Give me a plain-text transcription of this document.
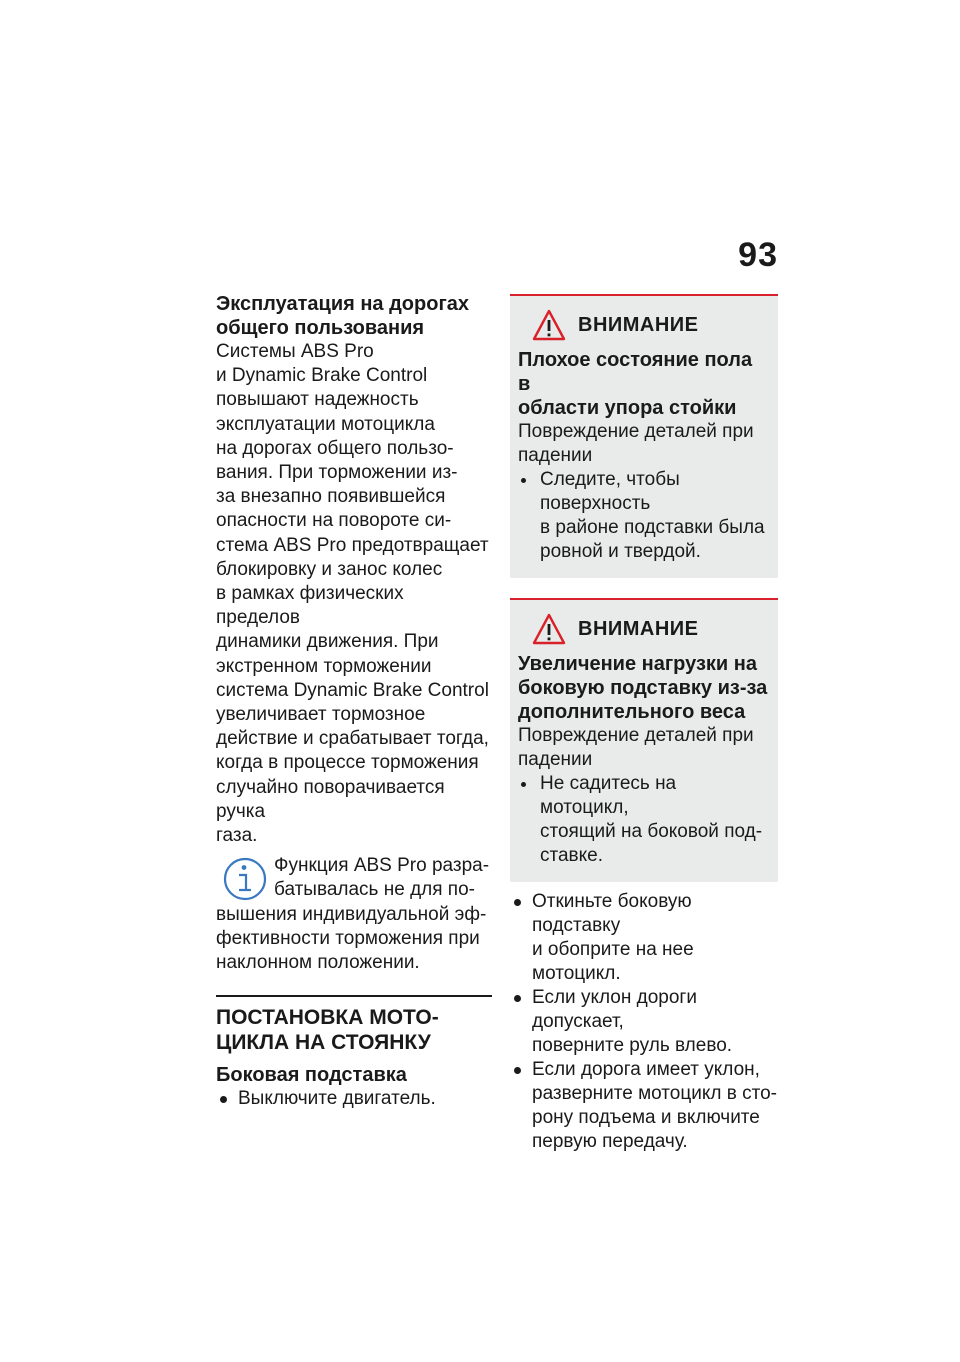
93
Эксплуатация на дорогах
общего пользования
Системы ABS Pro
и Dynamic Brake Control
повышают надежность
эксплуатации мотоцикла
на дорогах общего пользо-
вания. При торможении из-
за внезапно появившейся
опасности на повороте си-
стема ABS Pro предотвращает
блокировку и занос колес
в рамках физических пределов
динамики движения. При
экстренном торможении
система Dynamic Brake Control
увеличивает тормозное
действие и срабатывает тогда,
когда в процессе торможения
случайно поворачивается ручка
газа.
Функция ABS Pro разра-
батывалась не для по-
вышения индивидуальной эф-
фективности торможения при
наклонном положении.
ПОСТАНОВКА МОТО-
ЦИКЛА НА СТОЯНКУ
Боковая подставка
Выключите двигатель.
ВНИМАНИЕ
Плохое состояние пола в
области упора стойки
Повреждение деталей при
падении
Следите, чтобы поверхность
в районе подставки была
ровной и твердой.
ВНИМАНИЕ
Увеличение нагрузки на
боковую подставку из-за
дополнительного веса
Повреждение деталей при
падении
Не садитесь на мотоцикл,
стоящий на боковой под-
ставке.
Откиньте боковую подставку
и обоприте на нее мотоцикл.
Если уклон дороги допускает,
поверните руль влево.
Если дорога имеет уклон,
разверните мотоцикл в сто-
рону подъема и включите
первую передачу.
